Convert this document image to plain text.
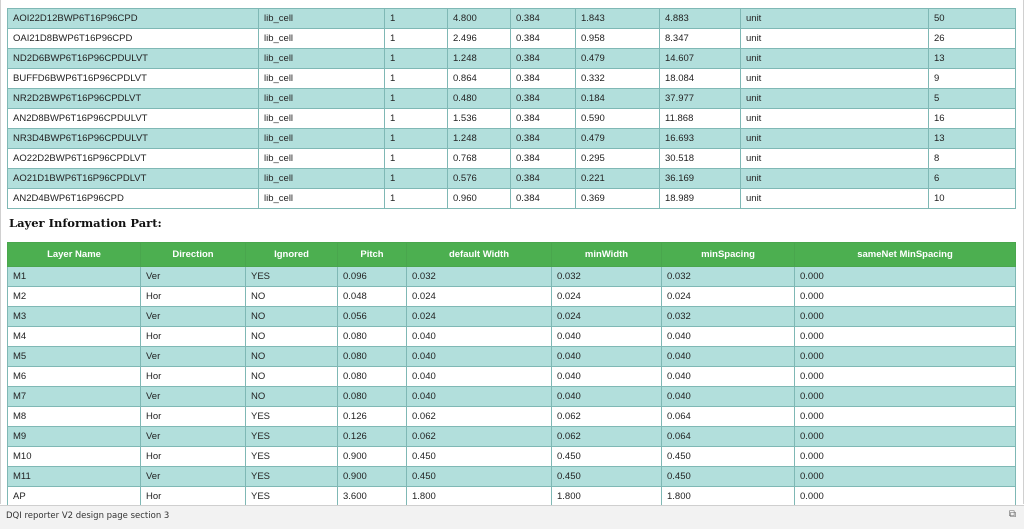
AOI22D12BWP6T16P96CPD	lib_cell	1	4.800	0.384	1.843	4.883	unit	50
OAI21D8BWP6T16P96CPD	lib_cell	1	2.496	0.384	0.958	8.347	unit	26
ND2D6BWP6T16P96CPDULVT	lib_cell	1	1.248	0.384	0.479	14.607	unit	13
BUFFD6BWP6T16P96CPDLVT	lib_cell	1	0.864	0.384	0.332	18.084	unit	9
NR2D2BWP6T16P96CPDLVT	lib_cell	1	0.480	0.384	0.184	37.977	unit	5
AN2D8BWP6T16P96CPDULVT	lib_cell	1	1.536	0.384	0.590	11.868	unit	16
NR3D4BWP6T16P96CPDULVT	lib_cell	1	1.248	0.384	0.479	16.693	unit	13
AO22D2BWP6T16P96CPDLVT	lib_cell	1	0.768	0.384	0.295	30.518	unit	8
AO21D1BWP6T16P96CPDLVT	lib_cell	1	0.576	0.384	0.221	36.169	unit	6
AN2D4BWP6T16P96CPD	lib_cell	1	0.960	0.384	0.369	18.989	unit	10
Layer Information Part:
Layer Name	Direction	Ignored	Pitch	default Width	minWidth	minSpacing	sameNet MinSpacing
M1	Ver	YES	0.096	0.032	0.032	0.032	0.000
M2	Hor	NO	0.048	0.024	0.024	0.024	0.000
M3	Ver	NO	0.056	0.024	0.024	0.032	0.000
M4	Hor	NO	0.080	0.040	0.040	0.040	0.000
M5	Ver	NO	0.080	0.040	0.040	0.040	0.000
M6	Hor	NO	0.080	0.040	0.040	0.040	0.000
M7	Ver	NO	0.080	0.040	0.040	0.040	0.000
M8	Hor	YES	0.126	0.062	0.062	0.064	0.000
M9	Ver	YES	0.126	0.062	0.062	0.064	0.000
M10	Hor	YES	0.900	0.450	0.450	0.450	0.000
M11	Ver	YES	0.900	0.450	0.450	0.450	0.000
AP	Hor	YES	3.600	1.800	1.800	1.800	0.000
DQI reporter V2 design page section 3	⧉
